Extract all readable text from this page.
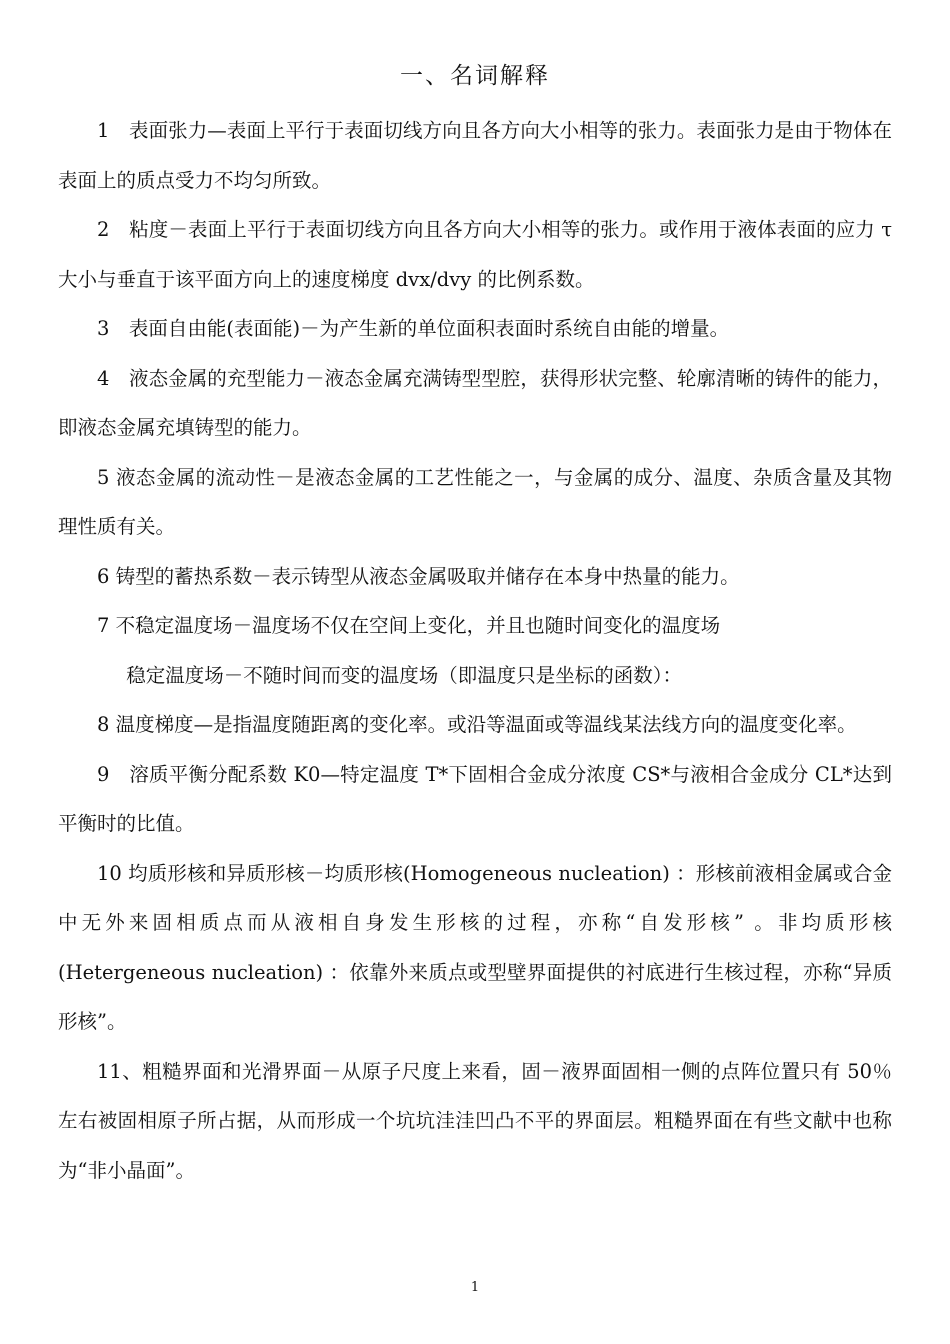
一、名词解释

1　表面张力—表面上平行于表面切线方向且各方向大小相等的张力。表面张力是由于物体在表面上的质点受力不均匀所致。

2　粘度－表面上平行于表面切线方向且各方向大小相等的张力。或作用于液体表面的应力 τ 大小与垂直于该平面方向上的速度梯度 dvx/dvy 的比例系数。

3　表面自由能(表面能)－为产生新的单位面积表面时系统自由能的增量。

4　液态金属的充型能力－液态金属充满铸型型腔，获得形状完整、轮廓清晰的铸件的能力，即液态金属充填铸型的能力。

5 液态金属的流动性－是液态金属的工艺性能之一，与金属的成分、温度、杂质含量及其物理性质有关。

6 铸型的蓄热系数－表示铸型从液态金属吸取并储存在本身中热量的能力。

7 不稳定温度场－温度场不仅在空间上变化，并且也随时间变化的温度场

稳定温度场－不随时间而变的温度场（即温度只是坐标的函数）：

8 温度梯度—是指温度随距离的变化率。或沿等温面或等温线某法线方向的温度变化率。

9　溶质平衡分配系数 K0—特定温度 T*下固相合金成分浓度 CS*与液相合金成分 CL*达到平衡时的比值。

10 均质形核和异质形核－均质形核(Homogeneous nucleation) ：形核前液相金属或合金中无外来固相质点而从液相自身发生形核的过程，亦称“自发形核” 。非均质形核(Hetergeneous nucleation) ：依靠外来质点或型壁界面提供的衬底进行生核过程，亦称“异质形核”。

11、粗糙界面和光滑界面－从原子尺度上来看，固－液界面固相一侧的点阵位置只有 50％左右被固相原子所占据，从而形成一个坑坑洼洼凹凸不平的界面层。粗糙界面在有些文献中也称为“非小晶面”。

1
